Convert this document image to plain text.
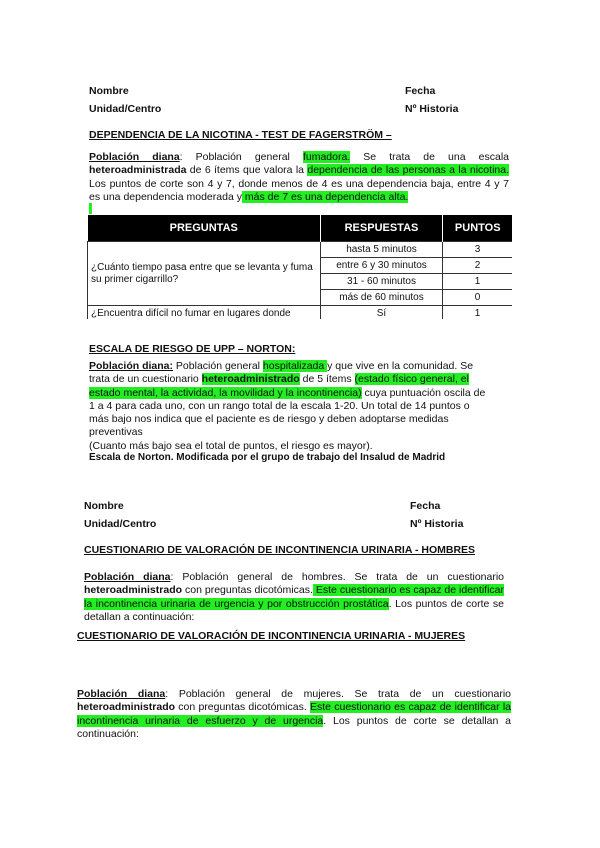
Nombre	Fecha
Unidad/Centro	Nº Historia
DEPENDENCIA DE LA NICOTINA - TEST DE FAGERSTRÖM –

Población diana: Población general fumadora. Se trata de una escala heteroadministrada de 6 ítems que valora la dependencia de las personas a la nicotina. Los puntos de corte son 4 y 7, donde menos de 4 es una dependencia baja, entre 4 y 7 es una dependencia moderada y más de 7 es una dependencia alta.

PREGUNTAS	RESPUESTAS	PUNTOS
¿Cuánto tiempo pasa entre que se levanta y fuma su primer cigarrillo?	hasta 5 minutos	3
	entre 6 y 30 minutos	2
	31 - 60 minutos	1
	más de 60 minutos	0
¿Encuentra difícil no fumar en lugares donde	Sí	1
ESCALA DE RIESGO DE UPP – NORTON:

Población diana: Población general hospitalizada y que vive en la comunidad. Se trata de un cuestionario heteroadministrado de 5 ítems (estado físico general, el estado mental, la actividad, la movilidad y la incontinencia) cuya puntuación oscila de 1 a 4 para cada uno, con un rango total de la escala 1-20. Un total de 14 puntos o más bajo nos indica que el paciente es de riesgo y deben adoptarse medidas preventivas

(Cuanto más bajo sea el total de puntos, el riesgo es mayor).

Escala de Norton. Modificada por el grupo de trabajo del Insalud de Madrid
Nombre	Fecha
Unidad/Centro	Nº Historia
CUESTIONARIO DE VALORACIÓN DE INCONTINENCIA URINARIA - HOMBRES

Población diana: Población general de hombres. Se trata de un cuestionario heteroadministrado con preguntas dicotómicas. Este cuestionario es capaz de identificar la incontinencia urinaria de urgencia y por obstrucción prostática. Los puntos de corte se detallan a continuación:

CUESTIONARIO DE VALORACIÓN DE INCONTINENCIA URINARIA - MUJERES

Población diana: Población general de mujeres. Se trata de un cuestionario heteroadministrado con preguntas dicotómicas. Este cuestionario es capaz de identificar la incontinencia urinaria de esfuerzo y de urgencia. Los puntos de corte se detallan a continuación:
